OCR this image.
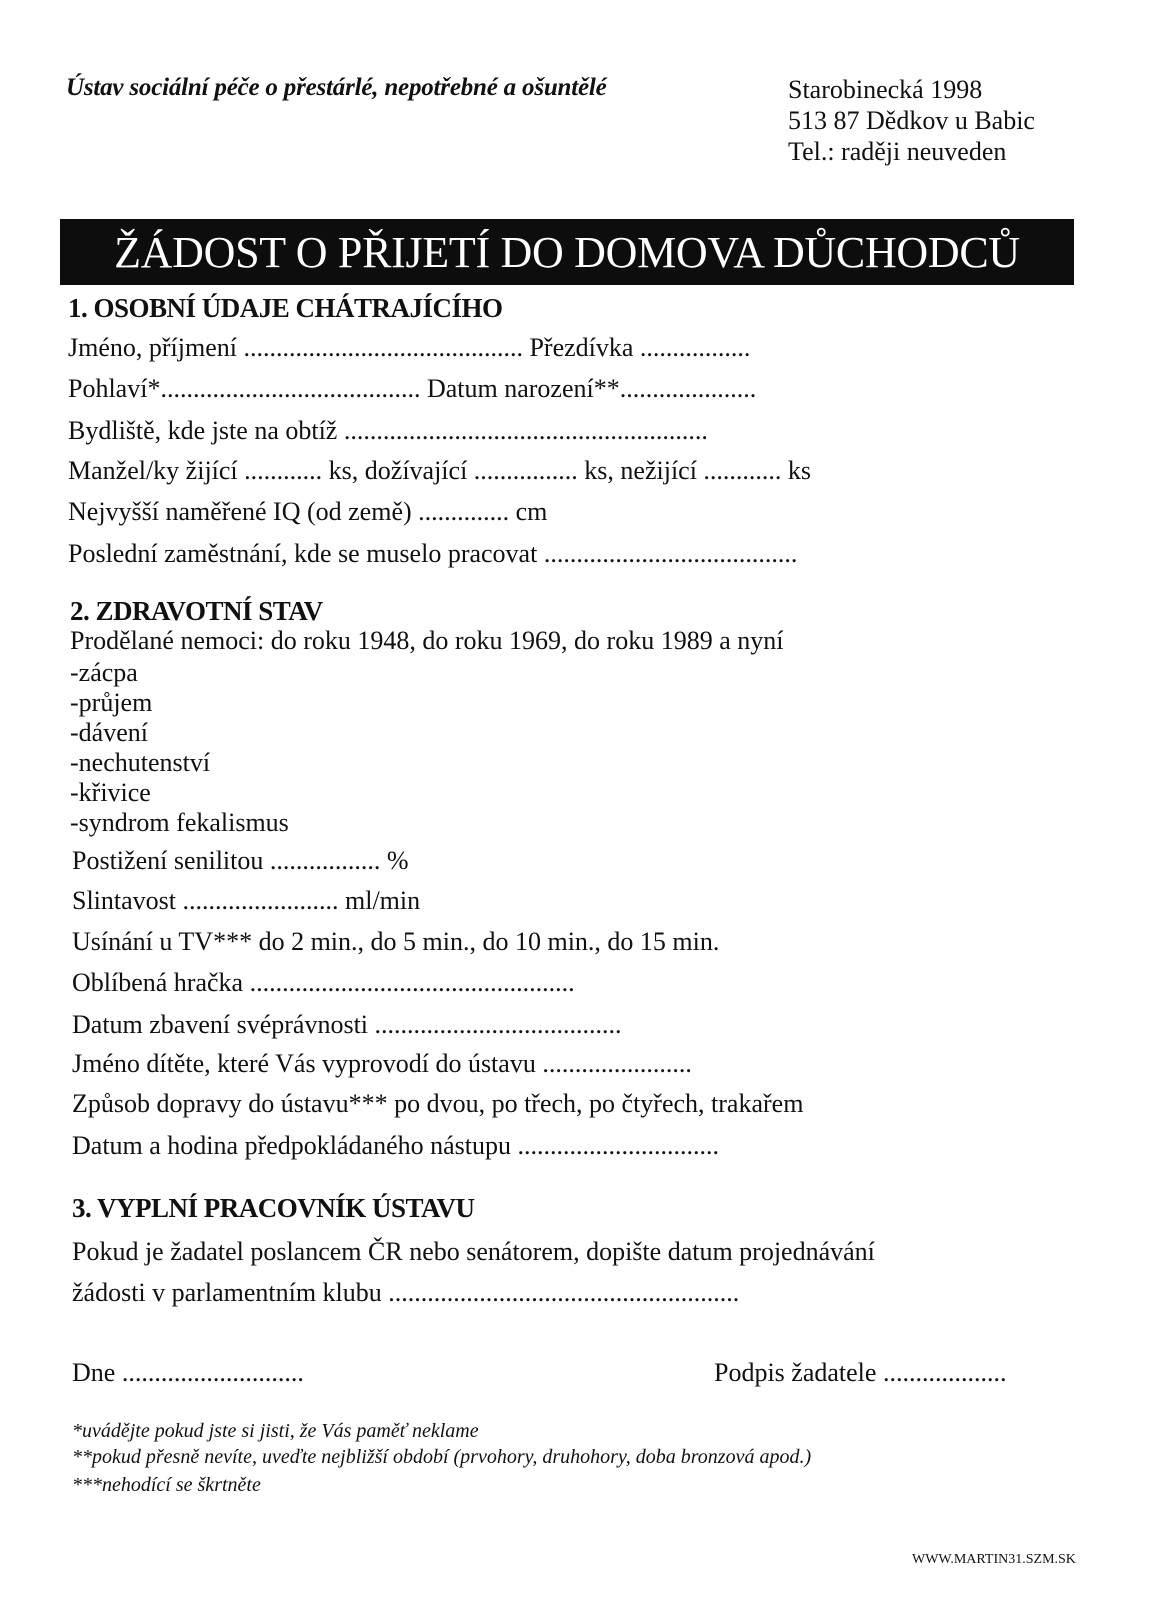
Ústav sociální péče o přestárlé, nepotřebné a ošuntělé	Starobinecká 1998
513 87 Dědkov u Babic
Tel.: raději neuveden
ŽÁDOST O PŘIJETÍ DO DOMOVA DŮCHODCŮ
1. OSOBNÍ ÚDAJE CHÁTRAJÍCÍHO
Jméno, příjmení ........................................... Přezdívka .................
Pohlaví*........................................ Datum narození**.....................
Bydliště, kde jste na obtíž ........................................................
Manžel/ky žijící ............ ks, dožívající ................ ks, nežijící ............ ks
Nejvyšší naměřené IQ (od země) .............. cm
Poslední zaměstnání, kde se muselo pracovat .......................................
2. ZDRAVOTNÍ STAV
Prodělané nemoci: do roku 1948, do roku 1969, do roku 1989 a nyní
-zácpa
-průjem
-dávení
-nechutenství
-křivice
-syndrom fekalismus
Postižení senilitou ................. %
Slintavost ........................ ml/min
Usínání u TV*** do 2 min., do 5 min., do 10 min., do 15 min.
Oblíbená hračka ..................................................
Datum zbavení svéprávnosti ......................................
Jméno dítěte, které Vás vyprovodí do ústavu .......................
Způsob dopravy do ústavu*** po dvou, po třech, po čtyřech, trakařem
Datum a hodina předpokládaného nástupu ...............................
3. VYPLNÍ PRACOVNÍK ÚSTAVU
Pokud je žadatel poslancem ČR nebo senátorem, dopište datum projednávání
žádosti v parlamentním klubu ......................................................
Dne ............................	Podpis žadatele ...................
*uvádějte pokud jste si jisti, že Vás paměť neklame
**pokud přesně nevíte, uveďte nejbližší období (prvohory, druhohory, doba bronzová apod.)
***nehodící se škrtněte
WWW.MARTIN31.SZM.SK
